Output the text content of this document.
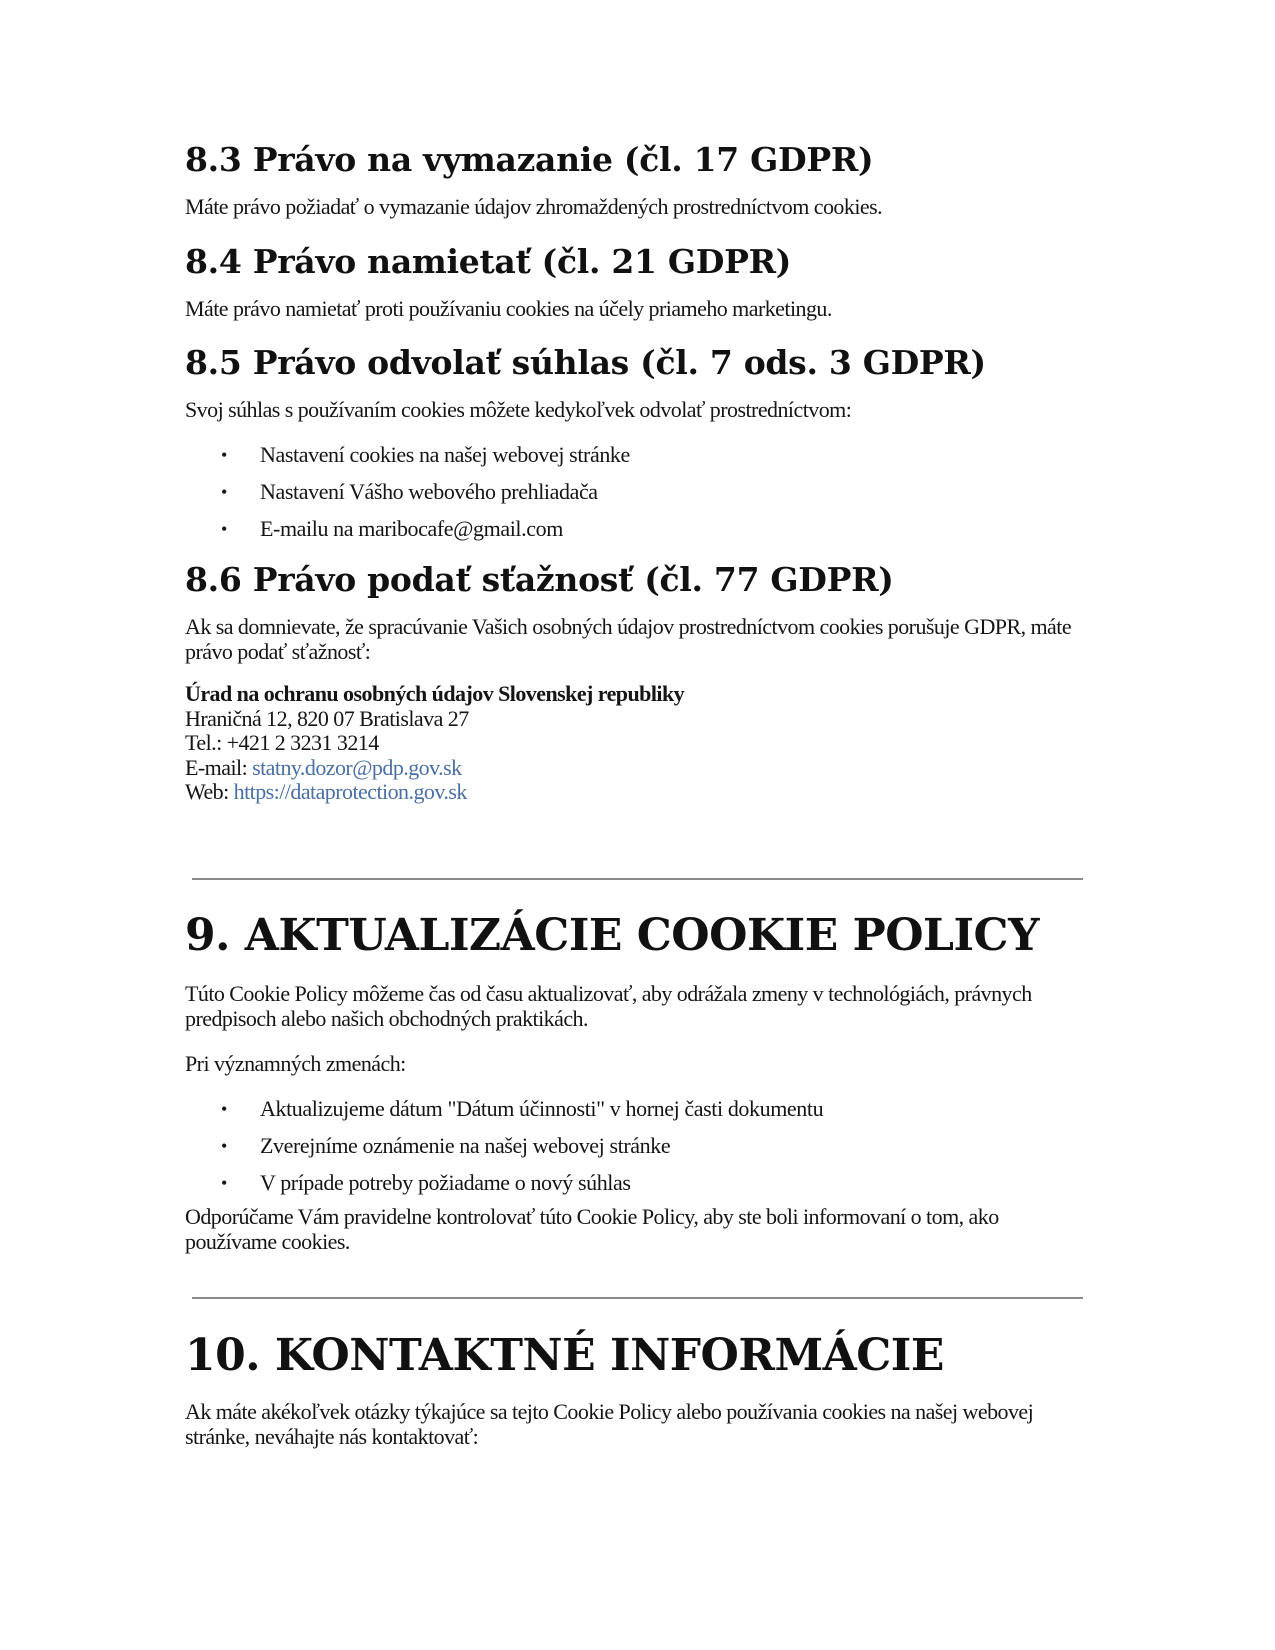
8.3 Právo na vymazanie (čl. 17 GDPR)

Máte právo požiadať o vymazanie údajov zhromaždených prostredníctvom cookies.

8.4 Právo namietať (čl. 21 GDPR)

Máte právo namietať proti používaniu cookies na účely priameho marketingu.

8.5 Právo odvolať súhlas (čl. 7 ods. 3 GDPR)

Svoj súhlas s používaním cookies môžete kedykoľvek odvolať prostredníctvom:

• Nastavení cookies na našej webovej stránke
• Nastavení Vášho webového prehliadača
• E-mailu na maribocafe@gmail.com
8.6 Právo podať sťažnosť (čl. 77 GDPR)

Ak sa domnievate, že spracúvanie Vašich osobných údajov prostredníctvom cookies porušuje GDPR, máte právo podať sťažnosť:

Úrad na ochranu osobných údajov Slovenskej republiky
Hraničná 12, 820 07 Bratislava 27
Tel.: +421 2 3231 3214
E-mail: statny.dozor@pdp.gov.sk
Web: https://dataprotection.gov.sk
9. AKTUALIZÁCIE COOKIE POLICY

Túto Cookie Policy môžeme čas od času aktualizovať, aby odrážala zmeny v technológiách, právnych predpisoch alebo našich obchodných praktikách.

Pri významných zmenách:

• Aktualizujeme dátum "Dátum účinnosti" v hornej časti dokumentu
• Zverejníme oznámenie na našej webovej stránke
• V prípade potreby požiadame o nový súhlas

Odporúčame Vám pravidelne kontrolovať túto Cookie Policy, aby ste boli informovaní o tom, ako používame cookies.

10. KONTAKTNÉ INFORMÁCIE

Ak máte akékoľvek otázky týkajúce sa tejto Cookie Policy alebo používania cookies na našej webovej stránke, neváhajte nás kontaktovať:
